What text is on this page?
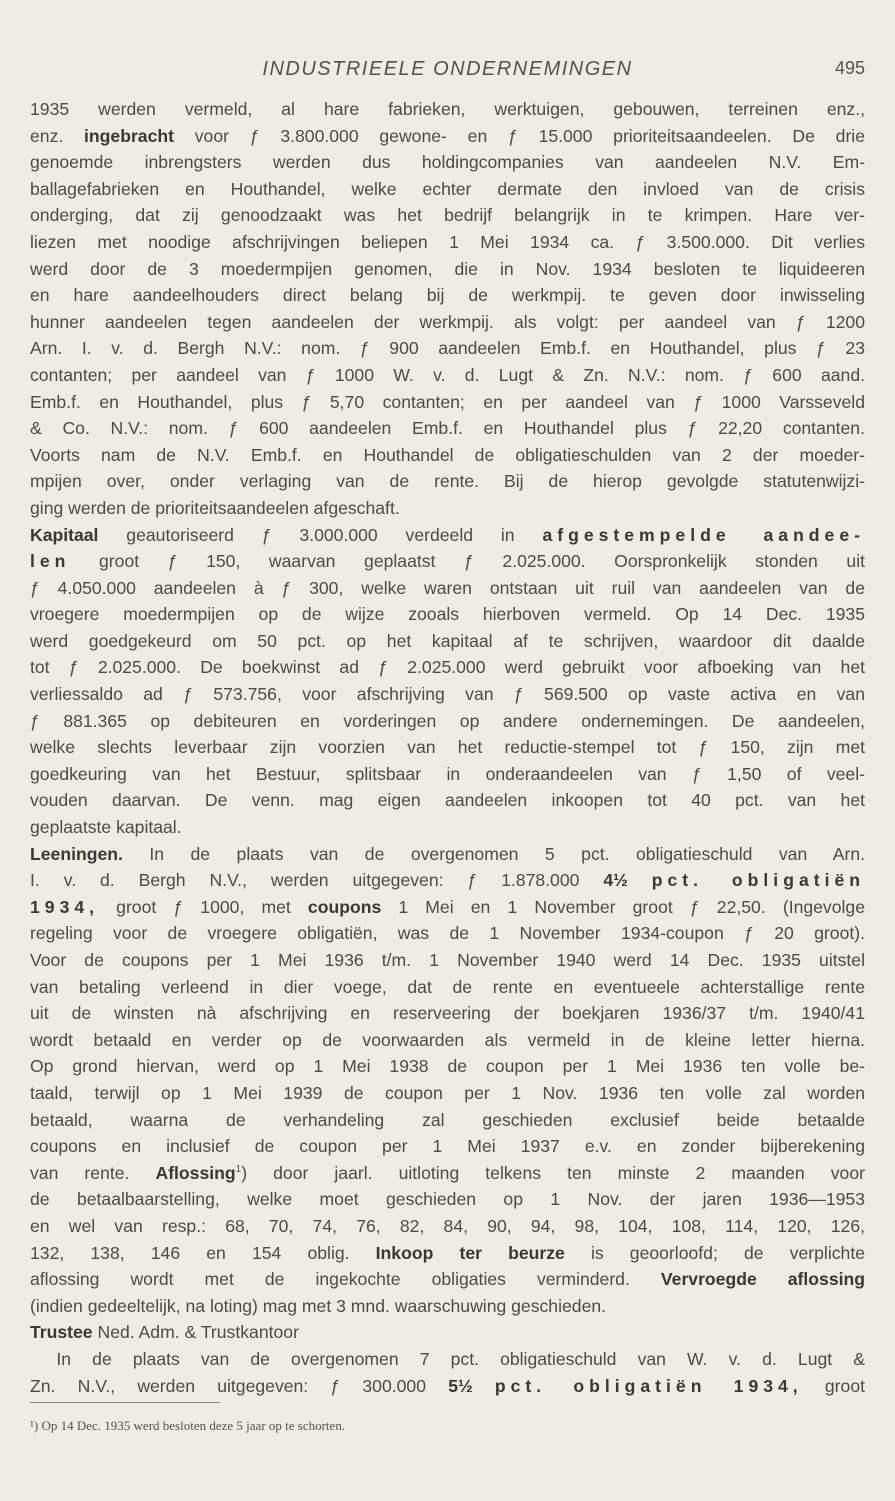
INDUSTRIEELE ONDERNEMINGEN	495
1935 werden vermeld, al hare fabrieken, werktuigen, gebouwen, terreinen enz.,
enz. ingebracht voor ƒ 3.800.000 gewone- en ƒ 15.000 prioriteitsaandeelen. De drie
genoemde inbrengsters werden dus holdingcompanies van aandeelen N.V. Em-
ballagefabrieken en Houthandel, welke echter dermate den invloed van de crisis
onderging, dat zij genoodzaakt was het bedrijf belangrijk in te krimpen. Hare ver-
liezen met noodige afschrijvingen beliepen 1 Mei 1934 ca. ƒ 3.500.000. Dit verlies
werd door de 3 moedermpijen genomen, die in Nov. 1934 besloten te liquideeren
en hare aandeelhouders direct belang bij de werkmpij. te geven door inwisseling
hunner aandeelen tegen aandeelen der werkmpij. als volgt: per aandeel van ƒ 1200
Arn. I. v. d. Bergh N.V.: nom. ƒ 900 aandeelen Emb.f. en Houthandel, plus ƒ 23
contanten; per aandeel van ƒ 1000 W. v. d. Lugt & Zn. N.V.: nom. ƒ 600 aand.
Emb.f. en Houthandel, plus ƒ 5,70 contanten; en per aandeel van ƒ 1000 Varsseveld
& Co. N.V.: nom. ƒ 600 aandeelen Emb.f. en Houthandel plus ƒ 22,20 contanten.
Voorts nam de N.V. Emb.f. en Houthandel de obligatieschulden van 2 der moeder-
mpijen over, onder verlaging van de rente. Bij de hierop gevolgde statutenwijzi-
ging werden de prioriteitsaandeelen afgeschaft.
Kapitaal geautoriseerd ƒ 3.000.000 verdeeld in afgestempelde aandee-
len groot ƒ 150, waarvan geplaatst ƒ 2.025.000. Oorspronkelijk stonden uit
ƒ 4.050.000 aandeelen à ƒ 300, welke waren ontstaan uit ruil van aandeelen van de
vroegere moedermpijen op de wijze zooals hierboven vermeld. Op 14 Dec. 1935
werd goedgekeurd om 50 pct. op het kapitaal af te schrijven, waardoor dit daalde
tot ƒ 2.025.000. De boekwinst ad ƒ 2.025.000 werd gebruikt voor afboeking van het
verliessaldo ad ƒ 573.756, voor afschrijving van ƒ 569.500 op vaste activa en van
ƒ 881.365 op debiteuren en vorderingen op andere ondernemingen. De aandeelen,
welke slechts leverbaar zijn voorzien van het reductie-stempel tot ƒ 150, zijn met
goedkeuring van het Bestuur, splitsbaar in onderaandeelen van ƒ 1,50 of veel-
vouden daarvan. De venn. mag eigen aandeelen inkoopen tot 40 pct. van het
geplaatste kapitaal.
Leeningen. In de plaats van de overgenomen 5 pct. obligatieschuld van Arn.
I. v. d. Bergh N.V., werden uitgegeven: ƒ 1.878.000 4½ pct. obligatiën
1934, groot ƒ 1000, met coupons 1 Mei en 1 November groot ƒ 22,50. (Ingevolge
regeling voor de vroegere obligatiën, was de 1 November 1934-coupon ƒ 20 groot).
Voor de coupons per 1 Mei 1936 t/m. 1 November 1940 werd 14 Dec. 1935 uitstel
van betaling verleend in dier voege, dat de rente en eventueele achterstallige rente
uit de winsten nà afschrijving en reserveering der boekjaren 1936/37 t/m. 1940/41
wordt betaald en verder op de voorwaarden als vermeld in de kleine letter hierna.
Op grond hiervan, werd op 1 Mei 1938 de coupon per 1 Mei 1936 ten volle be-
taald, terwijl op 1 Mei 1939 de coupon per 1 Nov. 1936 ten volle zal worden
betaald, waarna de verhandeling zal geschieden exclusief beide betaalde
coupons en inclusief de coupon per 1 Mei 1937 e.v. en zonder bijberekening
van rente. Aflossing$^1$) door jaarl. uitloting telkens ten minste 2 maanden voor
de betaalbaarstelling, welke moet geschieden op 1 Nov. der jaren 1936—1953
en wel van resp.: 68, 70, 74, 76, 82, 84, 90, 94, 98, 104, 108, 114, 120, 126,
132, 138, 146 en 154 oblig. Inkoop ter beurze is geoorloofd; de verplichte
aflossing wordt met de ingekochte obligaties verminderd. Vervroegde aflossing
(indien gedeeltelijk, na loting) mag met 3 mnd. waarschuwing geschieden.
Trustee Ned. Adm. & Trustkantoor
  In de plaats van de overgenomen 7 pct. obligatieschuld van W. v. d. Lugt &
Zn. N.V., werden uitgegeven: ƒ 300.000 5½ pct. obligatiën 1934, groot
¹) Op 14 Dec. 1935 werd besloten deze 5 jaar op te schorten.
